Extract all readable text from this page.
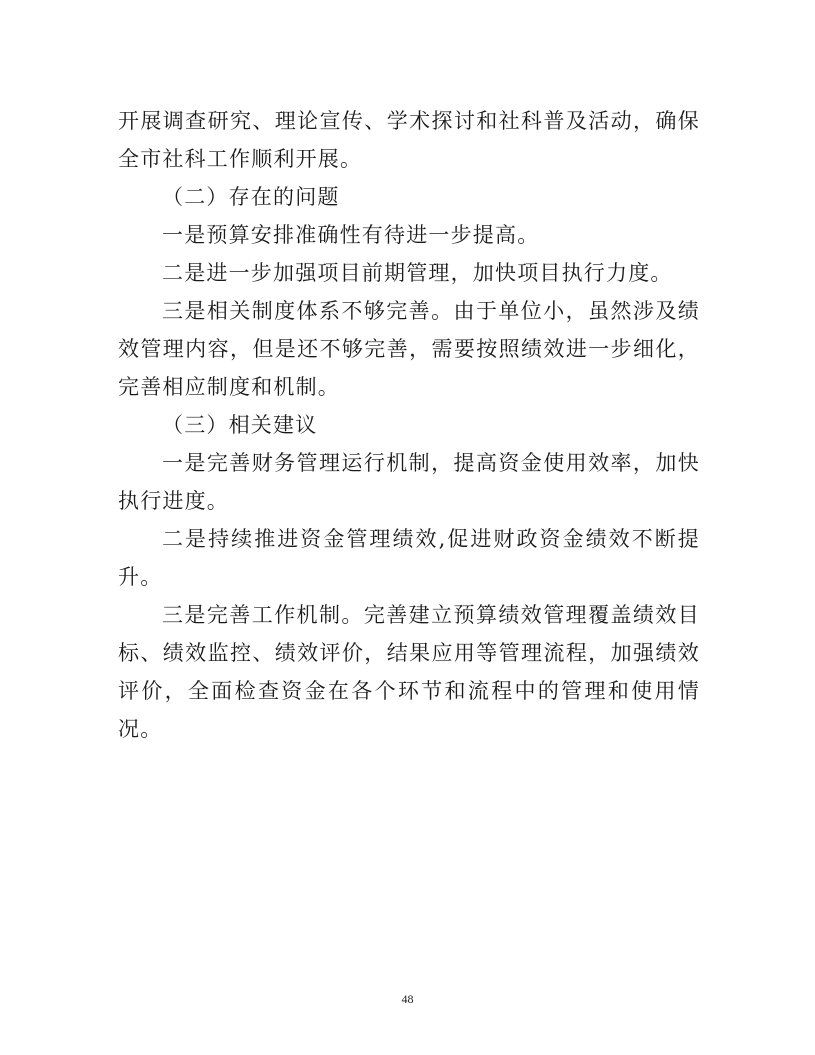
开展调查研究、理论宣传、学术探讨和社科普及活动，确保全市社科工作顺利开展。

（二）存在的问题

一是预算安排准确性有待进一步提高。

二是进一步加强项目前期管理，加快项目执行力度。

三是相关制度体系不够完善。由于单位小，虽然涉及绩效管理内容，但是还不够完善，需要按照绩效进一步细化，完善相应制度和机制。

（三）相关建议

一是完善财务管理运行机制，提高资金使用效率，加快执行进度。

二是持续推进资金管理绩效,促进财政资金绩效不断提升。

三是完善工作机制。完善建立预算绩效管理覆盖绩效目标、绩效监控、绩效评价，结果应用等管理流程，加强绩效评价，全面检查资金在各个环节和流程中的管理和使用情况。

48
